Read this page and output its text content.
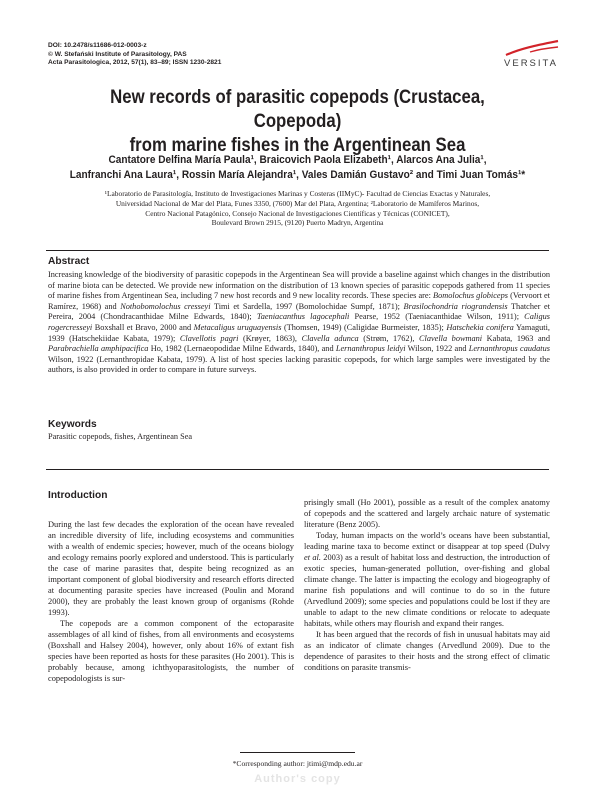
DOI: 10.2478/s11686-012-0003-z
© W. Stefański Institute of Parasitology, PAS
Acta Parasitologica, 2012, 57(1), 83–89; ISSN 1230-2821	VERSITA
New records of parasitic copepods (Crustacea, Copepoda)
from marine fishes in the Argentinean Sea
Cantatore Delfina María Paula¹, Braicovich Paola Elizabeth¹, Alarcos Ana Julia¹,
Lanfranchi Ana Laura¹, Rossin María Alejandra¹, Vales Damián Gustavo² and Timi Juan Tomás¹*
¹Laboratorio de Parasitología, Instituto de Investigaciones Marinas y Costeras (IIMyC)- Facultad de Ciencias Exactas y Naturales,
Universidad Nacional de Mar del Plata, Funes 3350, (7600) Mar del Plata, Argentina; ²Laboratorio de Mamíferos Marinos,
Centro Nacional Patagónico, Consejo Nacional de Investigaciones Científicas y Técnicas (CONICET),
Boulevard Brown 2915, (9120) Puerto Madryn, Argentina
Abstract
Increasing knowledge of the biodiversity of parasitic copepods in the Argentinean Sea will provide a baseline against which changes in the distribution of marine biota can be detected. We provide new information on the distribution of 13 known species of parasitic copepods gathered from 11 species of marine fishes from Argentinean Sea, including 7 new host records and 9 new locality records. These species are: Bomolochus globiceps (Vervoort et Ramírez, 1968) and Nothobomolochus cresseyi Timi et Sardella, 1997 (Bomolochidae Sumpf, 1871); Brasilochondria riograndensis Thatcher et Pereira, 2004 (Chondracanthidae Milne Edwards, 1840); Taeniacanthus lagocephali Pearse, 1952 (Taeniacanthidae Wilson, 1911); Caligus rogercresseyi Boxshall et Bravo, 2000 and Metacaligus uruguayensis (Thomsen, 1949) (Caligidae Burmeister, 1835); Hatschekia conifera Yamaguti, 1939 (Hatschekiidae Kabata, 1979); Clavellotis pagri (Krøyer, 1863), Clavella adunca (Strøm, 1762), Clavella bowmani Kabata, 1963 and Parabrachiella amphipacifica Ho, 1982 (Lernaeopodidae Milne Edwards, 1840), and Lernanthropus leidyi Wilson, 1922 and Lernanthropus caudatus Wilson, 1922 (Lernanthropidae Kabata, 1979). A list of host species lacking parasitic copepods, for which large samples were investigated by the authors, is also provided in order to compare in future surveys.
Keywords
Parasitic copepods, fishes, Argentinean Sea
Introduction

During the last few decades the exploration of the ocean have revealed an incredible diversity of life, including ecosystems and communities with a wealth of endemic species; however, much of the oceans biology and ecology remains poorly explored and understood. This is particularly the case of marine parasites that, despite being recognized as an important component of global biodiversity and research efforts directed at documenting parasite species have increased (Poulin and Morand 2000), they are probably the least known group of organisms (Rohde 1993).

The copepods are a common component of the ectoparasite assemblages of all kind of fishes, from all environments and ecosystems (Boxshall and Halsey 2004), however, only about 16% of extant fish species have been reported as hosts for these parasites (Ho 2001). This is probably because, among ichthyoparasitologists, the number of copepodologists is sur-

prisingly small (Ho 2001), possible as a result of the complex anatomy of copepods and the scattered and largely archaic nature of systematic literature (Benz 2005).

Today, human impacts on the world’s oceans have been substantial, leading marine taxa to become extinct or disappear at top speed (Dulvy et al. 2003) as a result of habitat loss and destruction, the introduction of exotic species, human-generated pollution, over-fishing and global climate change. The latter is impacting the ecology and biogeography of marine fish populations and will continue to do so in the future (Arvedlund 2009); some species and populations could be lost if they are unable to adapt to the new climate conditions or relocate to adequate habitats, while others may flourish and expand their ranges.

It has been argued that the records of fish in unusual habitats may aid as an indicator of climate changes (Arvedlund 2009). Due to the dependence of parasites to their hosts and the strong effect of climatic conditions on parasite transmis-

*Corresponding author: jtimi@mdp.edu.ar
Author's copy
